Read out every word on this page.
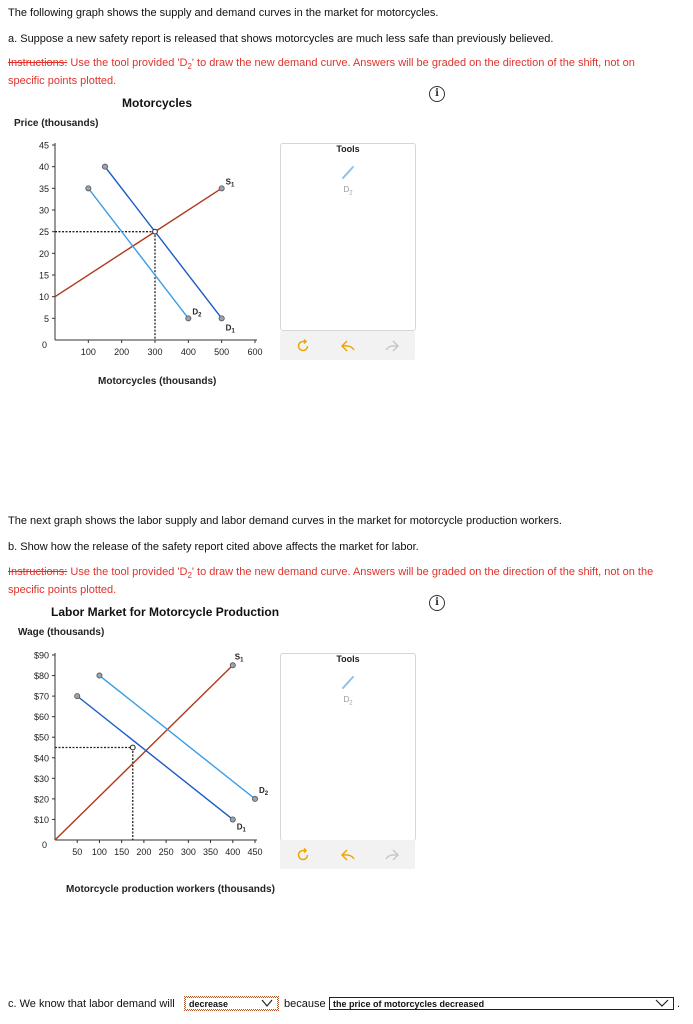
The following graph shows the supply and demand curves in the market for motorcycles.
a. Suppose a new safety report is released that shows motorcycles are much less safe than previously believed.
Instructions: Use the tool provided '$D_2$' to draw the new demand curve. Answers will be graded on the direction of the shift, not on
specific points plotted.
i
Motorcycles
Price (thousands)
Motorcycles (thousands)
45
40
35
30
25
20
15
10
5
100 200 300 400 500 600
0
$S_1$
$D_1$
$D_2$
Tools
$D_2$
The next graph shows the labor supply and labor demand curves in the market for motorcycle production workers.
b. Show how the release of the safety report cited above affects the market for labor.
Instructions: Use the tool provided '$D_2$' to draw the new demand curve. Answers will be graded on the direction of the shift, not on the
specific points plotted.
i
Labor Market for Motorcycle Production
Wage (thousands)
Motorcycle production workers (thousands)
$90
$80
$70
$60
$50
$40
$30
$20
$10
50 100 150 200 250 300 350 400 450
0
$S_1$
$D_1$
$D_2$
Tools
$D_2$
c. We know that labor demand will	decrease	because the price of motorcycles decreased	.
